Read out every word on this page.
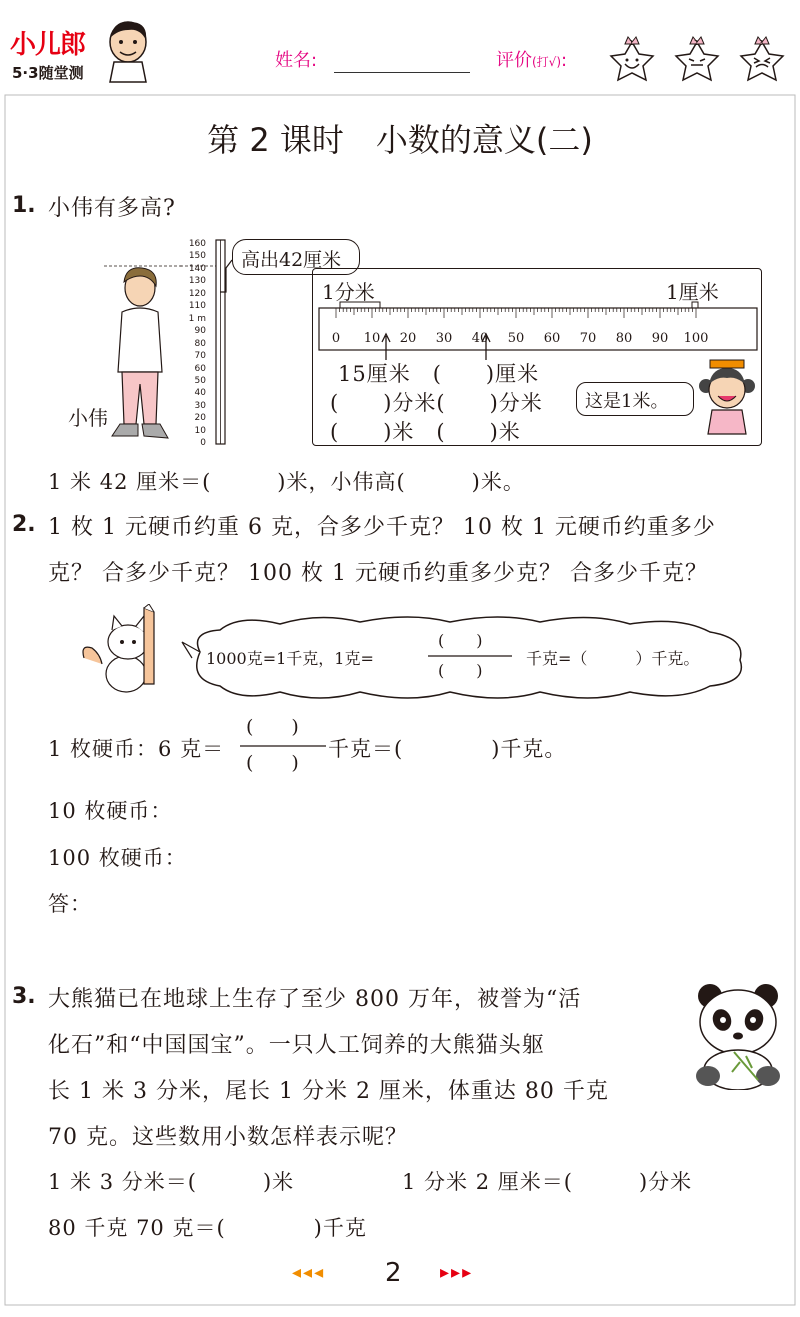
小儿郎
5·3随堂测
姓名:	评价(打√):
1	2	3
第 2 课时　小数的意义(二)
1. 小伟有多高?
160
150
140
130
120
110
1 m
90
80
70
60
50
40
30
20
10
0
小伟
高出42厘米
1分米	1厘米
0 10 20 30 40 50 60 70 80 90 100
15厘米　(　　)厘米
(　　)分米(　　)分米
(　　)米　(　　)米
这是1米。
1 米 42 厘米＝(　　　)米，小伟高(　　　)米。
2. 1 枚 1 元硬币约重 6 克，合多少千克？ 10 枚 1 元硬币约重多少
克？ 合多少千克？ 100 枚 1 元硬币约重多少克？ 合多少千克？
1000克=1千克，1克=
(　　)
(　　)
千克=（　　　）千克。
1 枚硬币：6 克＝
(　　)
(　　)
千克＝(　　　　)千克。
10 枚硬币：
100 枚硬币：
答：
3. 大熊猫已在地球上生存了至少 800 万年，被誉为“活
化石”和“中国国宝”。一只人工饲养的大熊猫头躯
长 1 米 3 分米，尾长 1 分米 2 厘米，体重达 80 千克
70 克。这些数用小数怎样表示呢？
1 米 3 分米＝(　　　)米	1 分米 2 厘米＝(　　　)分米
80 千克 70 克＝(　　　　)千克
◂◂◂ 2 ▸▸▸
